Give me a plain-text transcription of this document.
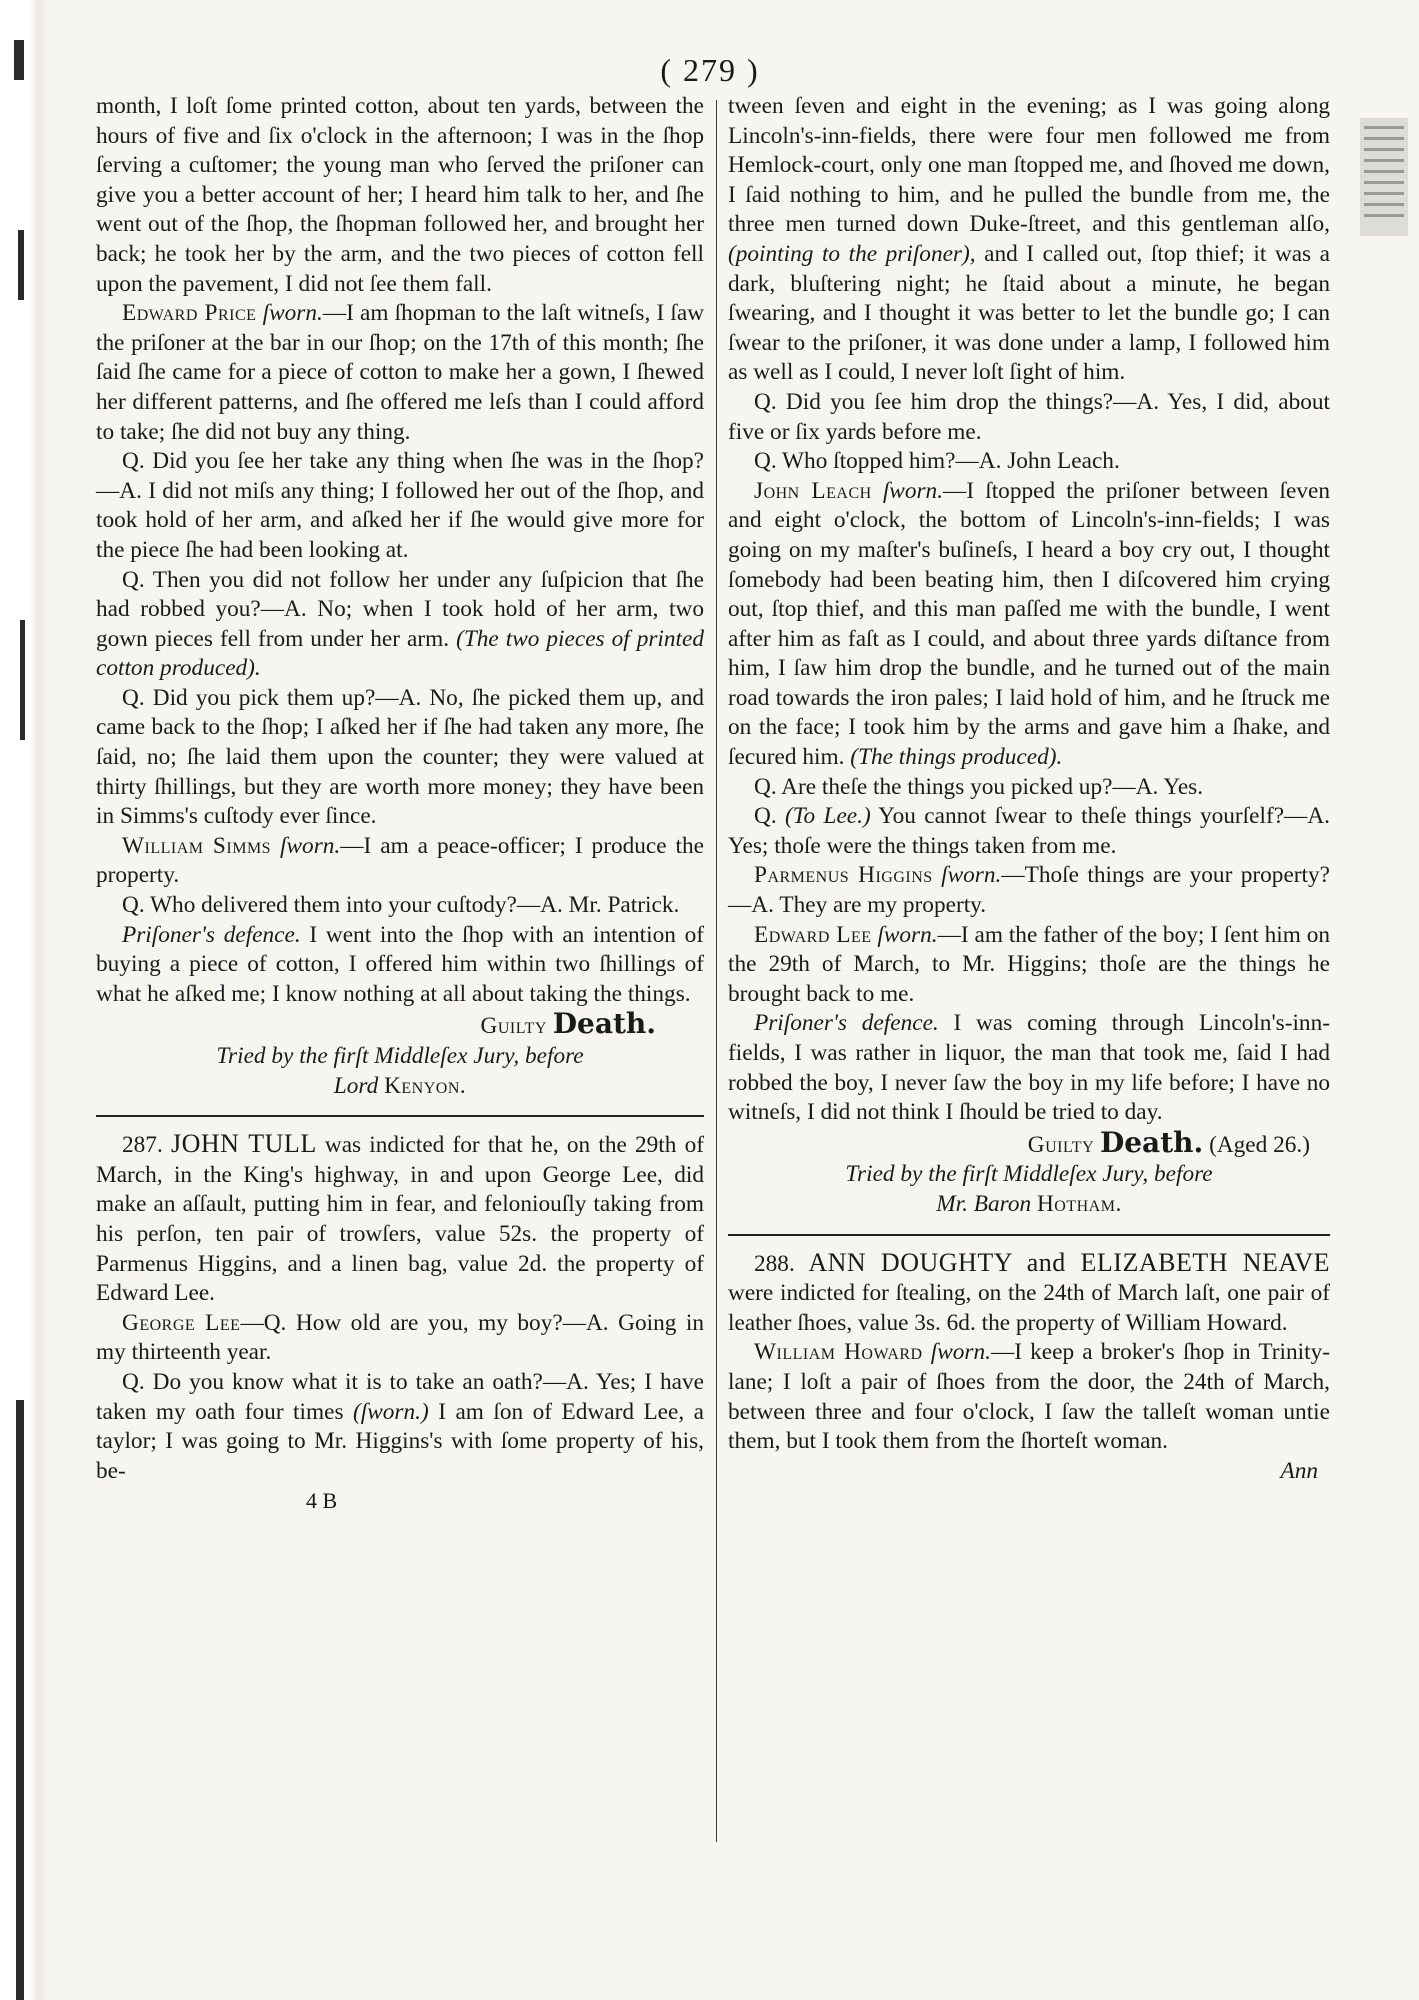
( 279 )

month, I loſt ſome printed cotton, about ten yards, between the hours of five and ſix o'clock in the afternoon; I was in the ſhop ſerving a cuſtomer; the young man who ſerved the priſoner can give you a better account of her; I heard him talk to her, and ſhe went out of the ſhop, the ſhopman followed her, and brought her back; he took her by the arm, and the two pieces of cotton fell upon the pavement, I did not ſee them fall.

Edward Price ſworn.—I am ſhopman to the laſt witneſs, I ſaw the priſoner at the bar in our ſhop; on the 17th of this month; ſhe ſaid ſhe came for a piece of cotton to make her a gown, I ſhewed her different patterns, and ſhe offered me leſs than I could afford to take; ſhe did not buy any thing.

Q. Did you ſee her take any thing when ſhe was in the ſhop?—A. I did not miſs any thing; I followed her out of the ſhop, and took hold of her arm, and aſked her if ſhe would give more for the piece ſhe had been looking at.

Q. Then you did not follow her under any ſuſpicion that ſhe had robbed you?—A. No; when I took hold of her arm, two gown pieces fell from under her arm. (The two pieces of printed cotton produced).

Q. Did you pick them up?—A. No, ſhe picked them up, and came back to the ſhop; I aſked her if ſhe had taken any more, ſhe ſaid, no; ſhe laid them upon the counter; they were valued at thirty ſhillings, but they are worth more money; they have been in Simms's cuſtody ever ſince.

William Simms ſworn.—I am a peace-officer; I produce the property.

Q. Who delivered them into your cuſtody?—A. Mr. Patrick.

Priſoner's defence. I went into the ſhop with an intention of buying a piece of cotton, I offered him within two ſhillings of what he aſked me; I know nothing at all about taking the things.

Guilty Death.

Tried by the firſt Middleſex Jury, before

Lord Kenyon.

287. JOHN TULL was indicted for that he, on the 29th of March, in the King's highway, in and upon George Lee, did make an aſſault, putting him in fear, and feloniouſly taking from his perſon, ten pair of trowſers, value 52s. the property of Parmenus Higgins, and a linen bag, value 2d. the property of Edward Lee.

George Lee—Q. How old are you, my boy?—A. Going in my thirteenth year.

Q. Do you know what it is to take an oath?—A. Yes; I have taken my oath four times (ſworn.) I am ſon of Edward Lee, a taylor; I was going to Mr. Higgins's with ſome property of his, be-

4 B

tween ſeven and eight in the evening; as I was going along Lincoln's-inn-fields, there were four men followed me from Hemlock-court, only one man ſtopped me, and ſhoved me down, I ſaid nothing to him, and he pulled the bundle from me, the three men turned down Duke-ſtreet, and this gentleman alſo, (pointing to the priſoner), and I called out, ſtop thief; it was a dark, bluſtering night; he ſtaid about a minute, he began ſwearing, and I thought it was better to let the bundle go; I can ſwear to the priſoner, it was done under a lamp, I followed him as well as I could, I never loſt ſight of him.

Q. Did you ſee him drop the things?—A. Yes, I did, about five or ſix yards before me.

Q. Who ſtopped him?—A. John Leach.

John Leach ſworn.—I ſtopped the priſoner between ſeven and eight o'clock, the bottom of Lincoln's-inn-fields; I was going on my maſter's buſineſs, I heard a boy cry out, I thought ſomebody had been beating him, then I diſcovered him crying out, ſtop thief, and this man paſſed me with the bundle, I went after him as faſt as I could, and about three yards diſtance from him, I ſaw him drop the bundle, and he turned out of the main road towards the iron pales; I laid hold of him, and he ſtruck me on the face; I took him by the arms and gave him a ſhake, and ſecured him. (The things produced).

Q. Are theſe the things you picked up?—A. Yes.

Q. (To Lee.) You cannot ſwear to theſe things yourſelf?—A. Yes; thoſe were the things taken from me.

Parmenus Higgins ſworn.—Thoſe things are your property?—A. They are my property.

Edward Lee ſworn.—I am the father of the boy; I ſent him on the 29th of March, to Mr. Higgins; thoſe are the things he brought back to me.

Priſoner's defence. I was coming through Lincoln's-inn-fields, I was rather in liquor, the man that took me, ſaid I had robbed the boy, I never ſaw the boy in my life before; I have no witneſs, I did not think I ſhould be tried to day.

Guilty Death. (Aged 26.)

Tried by the firſt Middleſex Jury, before

Mr. Baron Hotham.

288. ANN DOUGHTY and ELIZABETH NEAVE were indicted for ſtealing, on the 24th of March laſt, one pair of leather ſhoes, value 3s. 6d. the property of William Howard.

William Howard ſworn.—I keep a broker's ſhop in Trinity-lane; I loſt a pair of ſhoes from the door, the 24th of March, between three and four o'clock, I ſaw the talleſt woman untie them, but I took them from the ſhorteſt woman.

Ann
